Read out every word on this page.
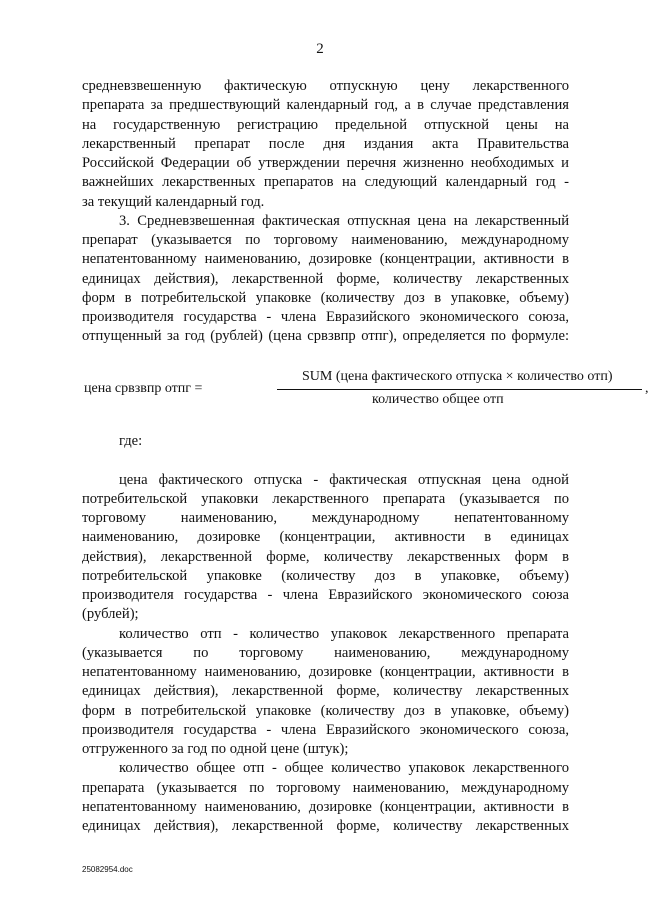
2
средневзвешенную фактическую отпускную цену лекарственного
препарата за предшествующий календарный год, а в случае представления
на государственную регистрацию предельной отпускной цены на
лекарственный препарат после дня издания акта Правительства
Российской Федерации об утверждении перечня жизненно необходимых и
важнейших лекарственных препаратов на следующий календарный год -
за текущий календарный год.
3. Средневзвешенная фактическая отпускная цена на лекарственный
препарат (указывается по торговому наименованию, международному
непатентованному наименованию, дозировке (концентрации, активности в
единицах действия), лекарственной форме, количеству лекарственных
форм в потребительской упаковке (количеству доз в упаковке, объему)
производителя государства - члена Евразийского экономического союза,
отпущенный за год (рублей) (цена срвзвпр отпг), определяется по формуле:
цена срвзвпр отпг =
SUM (цена фактического отпуска × количество отп)
количество общее отп
,
где:
цена фактического отпуска - фактическая отпускная цена одной
потребительской упаковки лекарственного препарата (указывается по
торговому наименованию, международному непатентованному
наименованию, дозировке (концентрации, активности в единицах
действия), лекарственной форме, количеству лекарственных форм в
потребительской упаковке (количеству доз в упаковке, объему)
производителя государства - члена Евразийского экономического союза
(рублей);
количество отп - количество упаковок лекарственного препарата
(указывается по торговому наименованию, международному
непатентованному наименованию, дозировке (концентрации, активности в
единицах действия), лекарственной форме, количеству лекарственных
форм в потребительской упаковке (количеству доз в упаковке, объему)
производителя государства - члена Евразийского экономического союза,
отгруженного за год по одной цене (штук);
количество общее отп - общее количество упаковок лекарственного
препарата (указывается по торговому наименованию, международному
непатентованному наименованию, дозировке (концентрации, активности в
единицах действия), лекарственной форме, количеству лекарственных
25082954.doc
